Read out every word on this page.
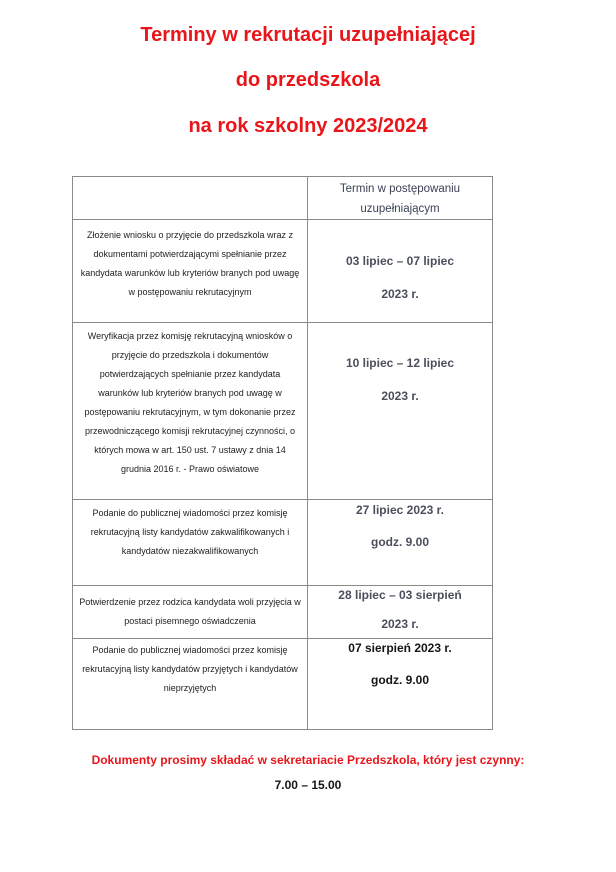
Terminy w rekrutacji uzupełniającej
do przedszkola
na rok szkolny 2023/2024

	Termin w postępowaniu
uzupełniającym

Złożenie wniosku o przyjęcie do przedszkola wraz z dokumentami potwierdzającymi spełnianie przez kandydata warunków lub kryteriów branych pod uwagę w postępowaniu rekrutacyjnym	03 lipiec – 07 lipiec
2023 r.

Weryfikacja przez komisję rekrutacyjną wniosków o przyjęcie do przedszkola i dokumentów potwierdzających spełnianie przez kandydata warunków lub kryteriów branych pod uwagę w postępowaniu rekrutacyjnym, w tym dokonanie przez przewodniczącego komisji rekrutacyjnej czynności, o których mowa w art. 150 ust. 7 ustawy z dnia 14 grudnia 2016 r. - Prawo oświatowe	10 lipiec – 12 lipiec
2023 r.

Podanie do publicznej wiadomości przez komisję rekrutacyjną listy kandydatów zakwalifikowanych i kandydatów niezakwalifikowanych	27 lipiec 2023 r.
godz. 9.00

Potwierdzenie przez rodzica kandydata woli przyjęcia w postaci pisemnego oświadczenia	28 lipiec – 03 sierpień
2023 r.

Podanie do publicznej wiadomości przez komisję rekrutacyjną listy kandydatów przyjętych i kandydatów nieprzyjętych	07 sierpień 2023 r.
godz. 9.00
Dokumenty prosimy składać w sekretariacie Przedszkola, który jest czynny:
7.00 – 15.00
